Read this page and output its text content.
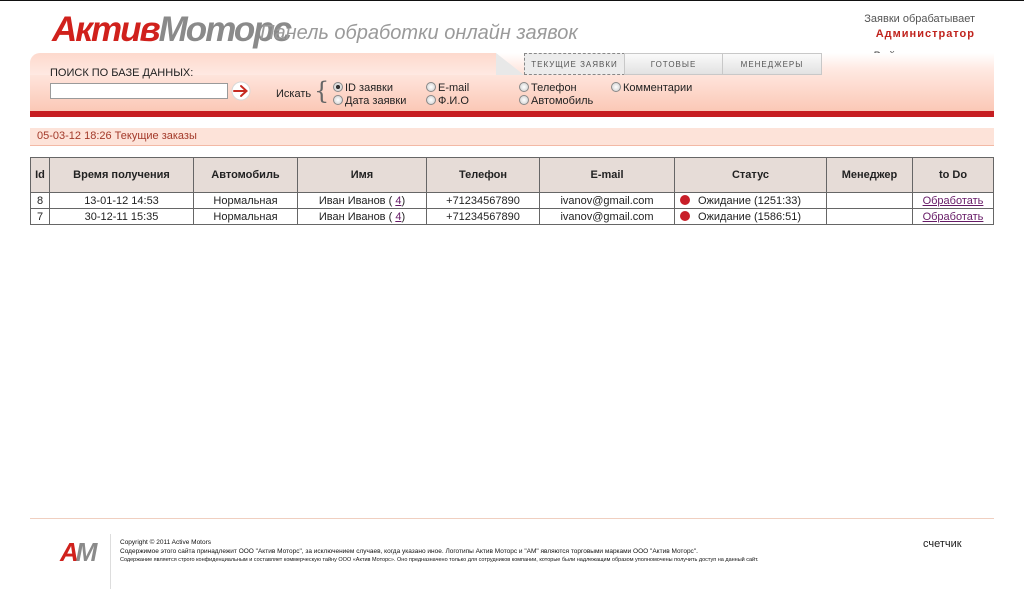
АктивМоторс
Панель обработки онлайн заявок
Заявки обрабатывает
Администратор
ТЕКУЩИЕ ЗАЯВКИ	ГОТОВЫЕ	МЕНЕДЖЕРЫ
ПОИСК ПО БАЗЕ ДАННЫХ:
Искать {	ID заявки
Дата заявки
E-mail
Ф.И.О
Телефон
Автомобиль
Комментарии
05-03-12 18:26 Текущие заказы
Id	Время получения	Автомобиль	Имя	Телефон	E-mail	Статус	Менеджер	to Do
8	13-01-12 14:53	Нормальная	Иван Иванов ( 4)	+71234567890	ivanov@gmail.com	Ожидание (1251:33)		Обработать
7	30-12-11 15:35	Нормальная	Иван Иванов ( 4)	+71234567890	ivanov@gmail.com	Ожидание (1586:51)		Обработать
AM	Copyright © 2011 Active Motors
Содержимое этого сайта принадлежит ООО "Актив Моторс", за исключением случаев, когда указано иное. Логотипы Актив Моторс и "АМ" являются торговыми марками ООО "Актив Моторс".
Содержание является строго конфиденциальным и составляет коммерческую тайну ООО «Актив Моторс». Оно предназначено только для сотрудников компании, которые были надлежащим образом уполномочены получить доступ на данный сайт.
счетчик
